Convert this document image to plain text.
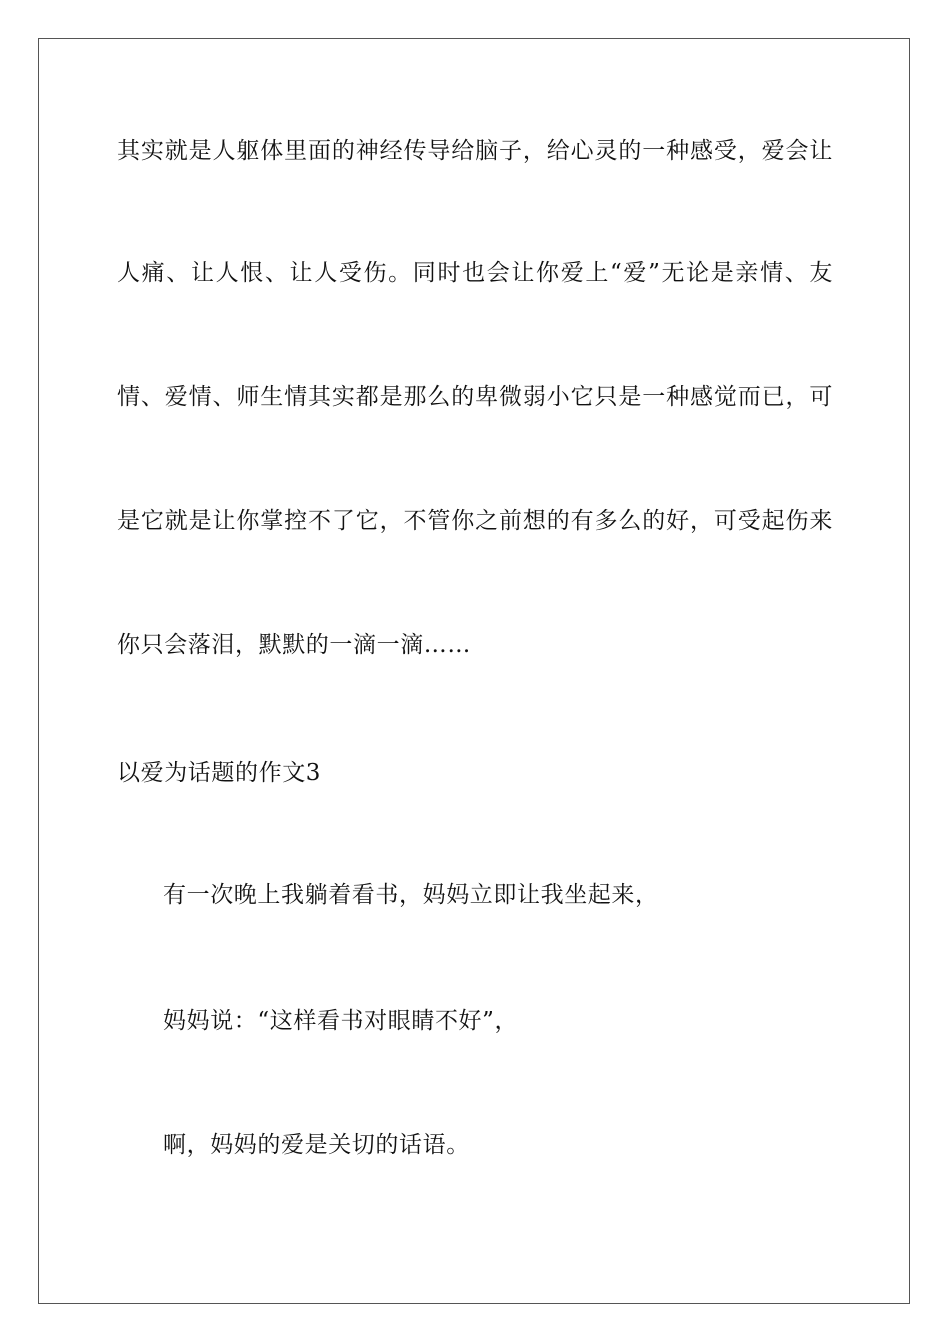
其实就是人躯体里面的神经传导给脑子，给心灵的一种感受，爱会让
人痛、让人恨、让人受伤。同时也会让你爱上“爱”无论是亲情、友
情、爱情、师生情其实都是那么的卑微弱小它只是一种感觉而已，可
是它就是让你掌控不了它，不管你之前想的有多么的好，可受起伤来
你只会落泪，默默的一滴一滴……
以爱为话题的作文3
有一次晚上我躺着看书，妈妈立即让我坐起来，
妈妈说：“这样看书对眼睛不好”，
啊，妈妈的爱是关切的话语。
